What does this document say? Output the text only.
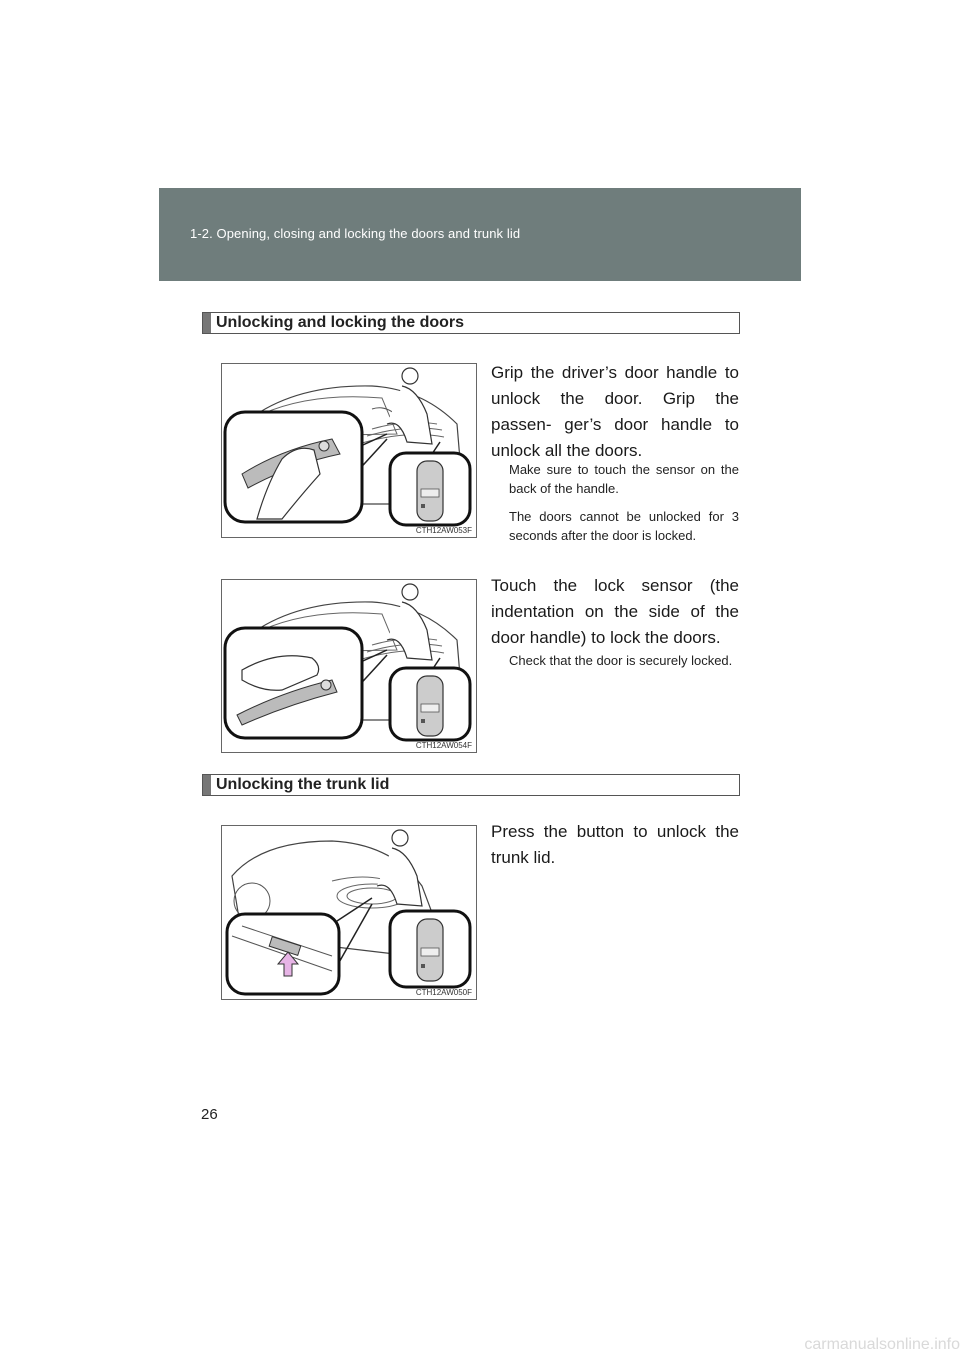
1-2. Opening, closing and locking the doors and trunk lid
Unlocking and locking the doors
CTH12AW053F
Grip the driver’s door handle to unlock the door. Grip the passen- ger’s door handle to unlock all the doors.
Make sure to touch the sensor on the back of the handle.
The doors cannot be unlocked for 3 seconds after the door is locked.
CTH12AW054F
Touch the lock sensor (the indentation on the side of the door handle) to lock the doors.
Check that the door is securely locked.
Unlocking the trunk lid
CTH12AW050F
Press the button to unlock the trunk lid.
26
carmanualsonline.info
